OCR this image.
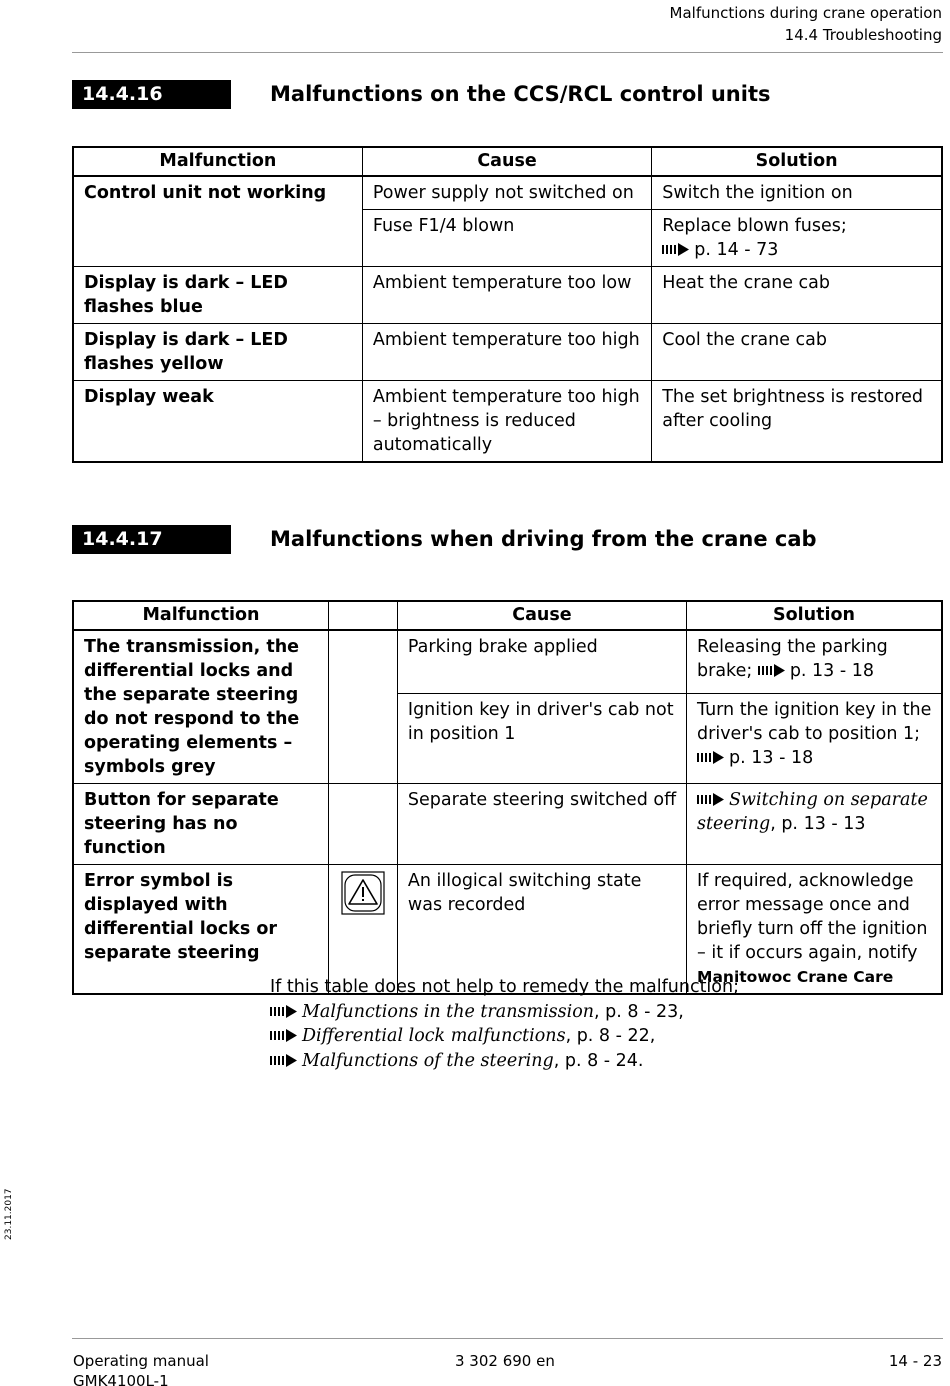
Malfunctions during crane operation
14.4 Troubleshooting
14.4.16	Malfunctions on the CCS/RCL control units
Malfunction	Cause	Solution
Control unit not working	Power supply not switched on	Switch the ignition on
	Fuse F1/4 blown	Replace blown fuses;
p. 14 - 73

Display is dark – LED flashes blue	Ambient temperature too low	Heat the crane cab
Display is dark – LED flashes yellow	Ambient temperature too high	Cool the crane cab
Display weak	Ambient temperature too high – brightness is reduced automatically	The set brightness is restored after cooling
14.4.17	Malfunctions when driving from the crane cab
Malfunction		Cause	Solution
The transmission, the differential locks and the separate steering do not respond to the operating elements – symbols grey		Parking brake applied	Releasing the parking brake; p. 13 - 18
		Ignition key in driver's cab not in position 1	Turn the ignition key in the driver's cab to position 1; p. 13 - 18
Button for separate steering has no function		Separate steering switched off	Switching on separate steering, p. 13 - 13
Error symbol is displayed with differential locks or separate steering		An illogical switching state was recorded	If required, acknowledge error message once and briefly turn off the ignition – it if occurs again, notify
Manitowoc Crane Care
If this table does not help to remedy the malfunction;
Malfunctions in the transmission, p. 8 - 23,
Differential lock malfunctions, p. 8 - 22,
Malfunctions of the steering, p. 8 - 24.
23.11.2017
Operating manual
GMK4100L-1
3 302 690 en	14 - 23
